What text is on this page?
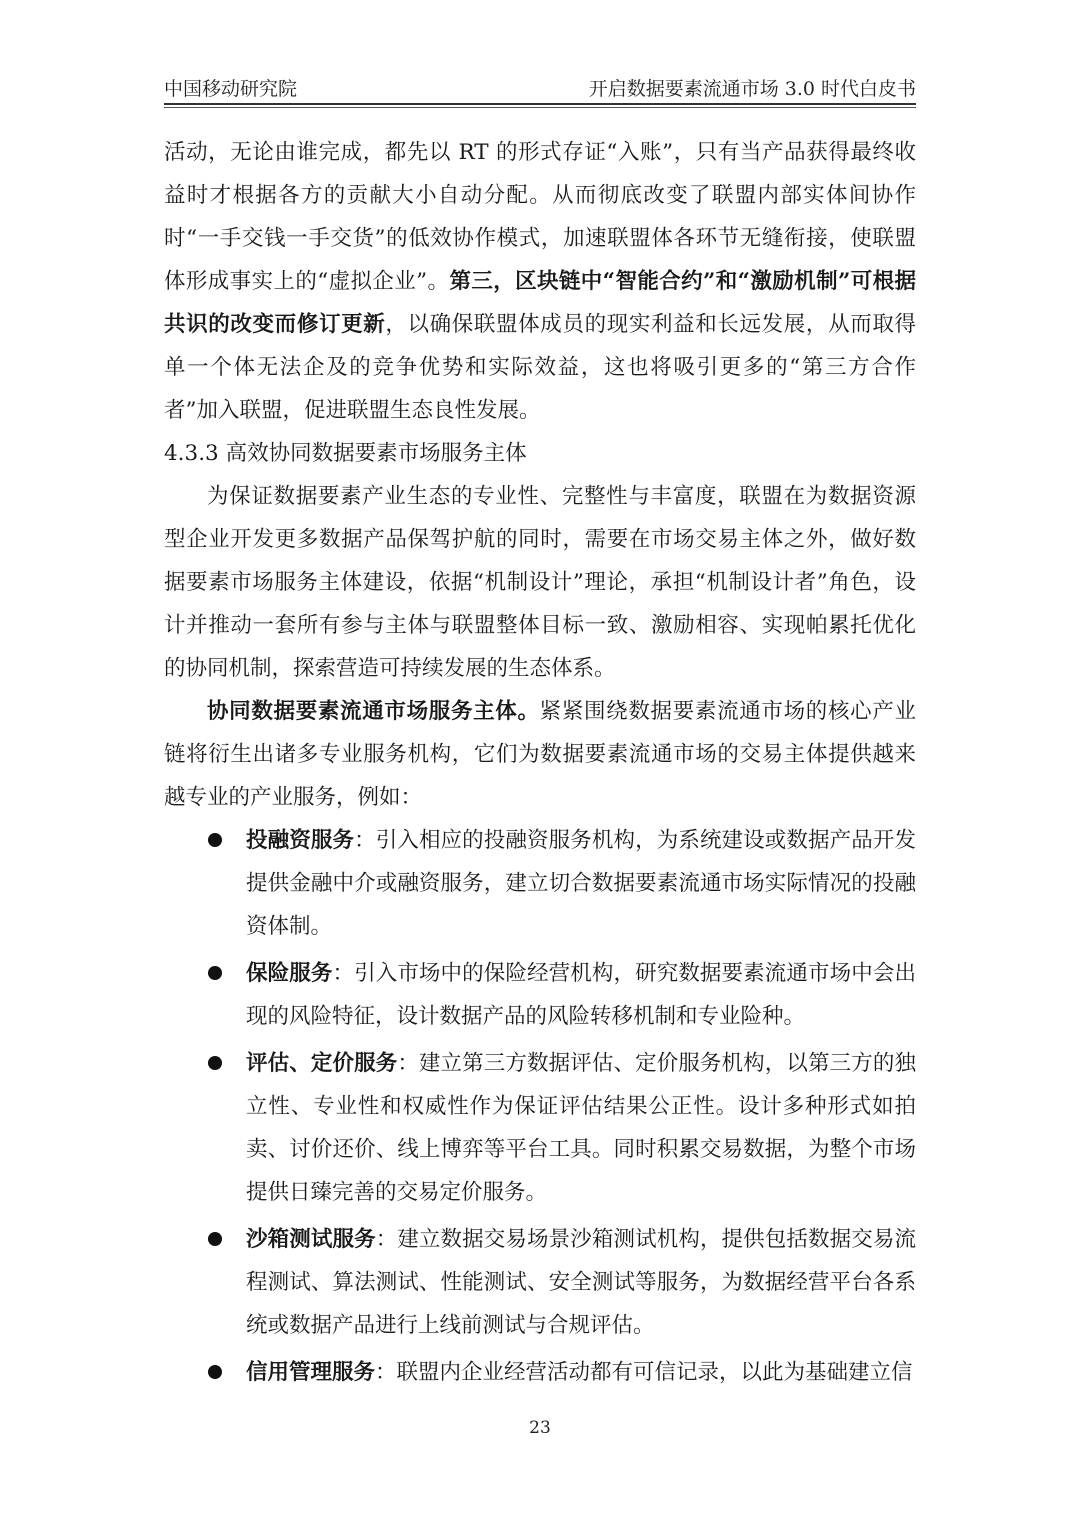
中国移动研究院	开启数据要素流通市场 3.0 时代白皮书

活动，无论由谁完成，都先以 RT 的形式存证“入账”，只有当产品获得最终收益时才根据各方的贡献大小自动分配。从而彻底改变了联盟内部实体间协作时“一手交钱一手交货”的低效协作模式，加速联盟体各环节无缝衔接，使联盟体形成事实上的“虚拟企业”。第三，区块链中“智能合约”和“激励机制”可根据共识的改变而修订更新，以确保联盟体成员的现实利益和长远发展，从而取得单一个体无法企及的竞争优势和实际效益，这也将吸引更多的“第三方合作者”加入联盟，促进联盟生态良性发展。

4.3.3 高效协同数据要素市场服务主体

为保证数据要素产业生态的专业性、完整性与丰富度，联盟在为数据资源型企业开发更多数据产品保驾护航的同时，需要在市场交易主体之外，做好数据要素市场服务主体建设，依据“机制设计”理论，承担“机制设计者”角色，设计并推动一套所有参与主体与联盟整体目标一致、激励相容、实现帕累托优化的协同机制，探索营造可持续发展的生态体系。

协同数据要素流通市场服务主体。紧紧围绕数据要素流通市场的核心产业链将衍生出诸多专业服务机构，它们为数据要素流通市场的交易主体提供越来越专业的产业服务，例如：

投融资服务：引入相应的投融资服务机构，为系统建设或数据产品开发提供金融中介或融资服务，建立切合数据要素流通市场实际情况的投融资体制。
保险服务：引入市场中的保险经营机构，研究数据要素流通市场中会出现的风险特征，设计数据产品的风险转移机制和专业险种。
评估、定价服务：建立第三方数据评估、定价服务机构，以第三方的独立性、专业性和权威性作为保证评估结果公正性。设计多种形式如拍卖、讨价还价、线上博弈等平台工具。同时积累交易数据，为整个市场提供日臻完善的交易定价服务。
沙箱测试服务：建立数据交易场景沙箱测试机构，提供包括数据交易流程测试、算法测试、性能测试、安全测试等服务，为数据经营平台各系统或数据产品进行上线前测试与合规评估。
信用管理服务：联盟内企业经营活动都有可信记录，以此为基础建立信
23
